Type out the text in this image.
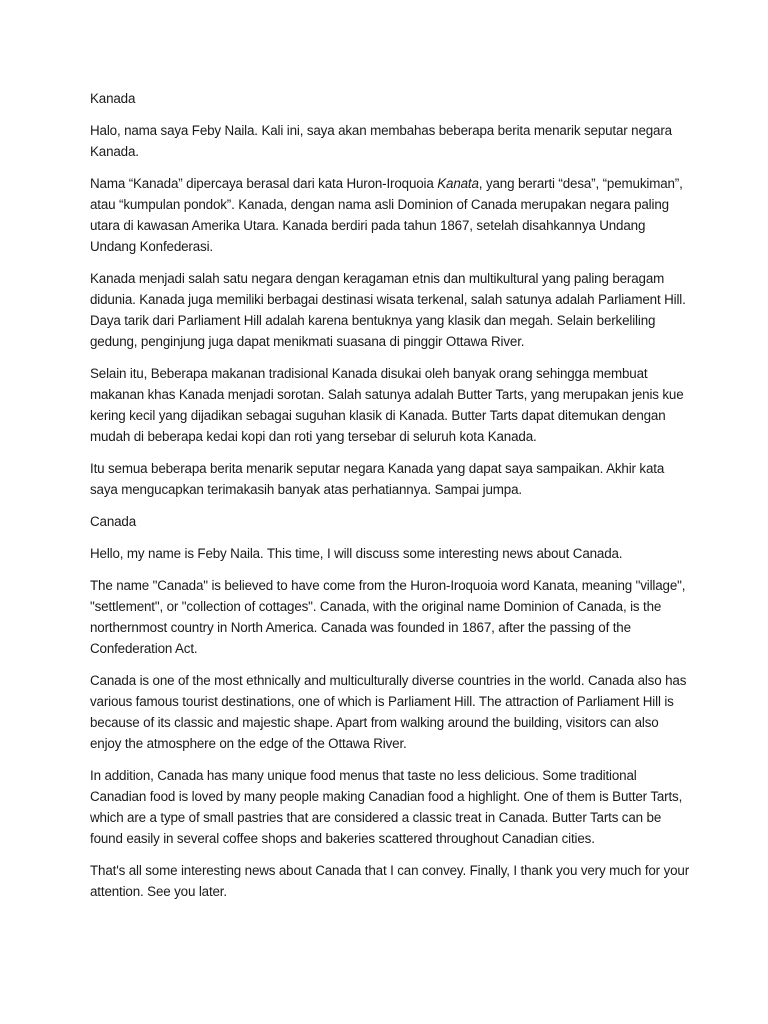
Kanada

Halo, nama saya Feby Naila. Kali ini, saya akan membahas beberapa berita menarik seputar negara Kanada.

Nama “Kanada” dipercaya berasal dari kata Huron-Iroquoia Kanata, yang berarti “desa”, “pemukiman”, atau “kumpulan pondok”. Kanada, dengan nama asli Dominion of Canada merupakan negara paling utara di kawasan Amerika Utara. Kanada berdiri pada tahun 1867, setelah disahkannya Undang Undang Konfederasi.

Kanada menjadi salah satu negara dengan keragaman etnis dan multikultural yang paling beragam didunia. Kanada juga memiliki berbagai destinasi wisata terkenal, salah satunya adalah Parliament Hill. Daya tarik dari Parliament Hill adalah karena bentuknya yang klasik dan megah. Selain berkeliling gedung, penginjung juga dapat menikmati suasana di pinggir Ottawa River.

Selain itu, Beberapa makanan tradisional Kanada disukai oleh banyak orang sehingga membuat makanan khas Kanada menjadi sorotan. Salah satunya adalah Butter Tarts, yang merupakan jenis kue kering kecil yang dijadikan sebagai suguhan klasik di Kanada. Butter Tarts dapat ditemukan dengan mudah di beberapa kedai kopi dan roti yang tersebar di seluruh kota Kanada.

Itu semua beberapa berita menarik seputar negara Kanada yang dapat saya sampaikan. Akhir kata saya mengucapkan terimakasih banyak atas perhatiannya. Sampai jumpa.

Canada

Hello, my name is Feby Naila. This time, I will discuss some interesting news about Canada.

The name "Canada" is believed to have come from the Huron-Iroquoia word Kanata, meaning "village", "settlement", or "collection of cottages". Canada, with the original name Dominion of Canada, is the northernmost country in North America. Canada was founded in 1867, after the passing of the Confederation Act.

Canada is one of the most ethnically and multiculturally diverse countries in the world. Canada also has various famous tourist destinations, one of which is Parliament Hill. The attraction of Parliament Hill is because of its classic and majestic shape. Apart from walking around the building, visitors can also enjoy the atmosphere on the edge of the Ottawa River.

In addition, Canada has many unique food menus that taste no less delicious. Some traditional Canadian food is loved by many people making Canadian food a highlight. One of them is Butter Tarts, which are a type of small pastries that are considered a classic treat in Canada. Butter Tarts can be found easily in several coffee shops and bakeries scattered throughout Canadian cities.

That's all some interesting news about Canada that I can convey. Finally, I thank you very much for your attention. See you later.
